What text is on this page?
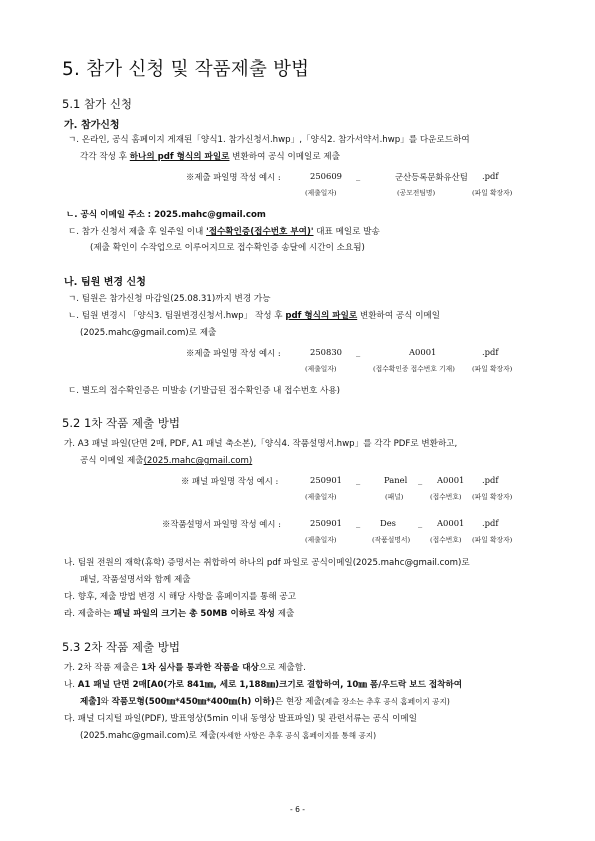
5. 참가 신청 및 작품제출 방법
5.1 참가 신청
가. 참가신청
ㄱ. 온라인, 공식 홈페이지 게재된「양식1. 참가신청서.hwp」,「양식2. 참가서약서.hwp」를 다운로드하여
각각 작성 후 하나의 pdf 형식의 파일로 변환하여 공식 이메일로 제출
※제출 파일명 작성 예시 :	250609 _	군산등록문화유산팀 .pdf
(제출일자)	(공모전팀명)	(파일 확장자)
ㄴ. 공식 이메일 주소 : 2025.mahc@gmail.com
ㄷ. 참가 신청서 제출 후 일주일 이내 '접수확인증(접수번호 부여)' 대표 메일로 발송
(제출 확인이 수작업으로 이루어지므로 접수확인증 송달에 시간이 소요됨)
나. 팀원 변경 신청
ㄱ. 팀원은 참가신청 마감일(25.08.31)까지 변경 가능
ㄴ. 팀원 변경시 「양식3. 팀원변경신청서.hwp」 작성 후 pdf 형식의 파일로 변환하여 공식 이메일
(2025.mahc@gmail.com)로 제출
※제출 파일명 작성 예시 :	250830 _	A0001	.pdf
(제출일자)	(접수확인증 접수번호 기재)	(파일 확장자)
ㄷ. 별도의 접수확인증은 미발송 (기발급된 접수확인증 내 접수번호 사용)
5.2 1차 작품 제출 방법
가. A3 패널 파일(단면 2매, PDF, A1 패널 축소본),「양식4. 작품설명서.hwp」를 각각 PDF로 변환하고,
공식 이메일 제출(2025.mahc@gmail.com)
※ 패널 파일명 작성 예시 :	250901 _	Panel _ A0001 .pdf
(제출일자)	(패널)	(접수번호) (파일 확장자)
※작품설명서 파일명 작성 예시 :	250901 _ Des	_ A0001 .pdf
(제출일자)	(작품설명서)	(접수번호) (파일 확장자)
나. 팀원 전원의 재학(휴학) 증명서는 취합하여 하나의 pdf 파일로 공식이메일(2025.mahc@gmail.com)로
패널, 작품설명서와 함께 제출
다. 향후, 제출 방법 변경 시 해당 사항을 홈페이지를 통해 공고
라. 제출하는 패널 파일의 크기는 총 50MB 이하로 작성 제출
5.3 2차 작품 제출 방법
가. 2차 작품 제출은 1차 심사를 통과한 작품을 대상으로 제출함.
나. A1 패널 단면 2매[A0(가로 841㎜, 세로 1,188㎜)크기로 결합하여, 10㎜ 폼/우드락 보드 접착하여
제출]와 작품모형(500㎜*450㎜*400㎜(h) 이하)은 현장 제출(제출 장소는 추후 공식 홈페이지 공지)
다. 패널 디지털 파일(PDF), 발표영상(5min 이내 동영상 발표파일) 및 관련서류는 공식 이메일
(2025.mahc@gmail.com)로 제출(자세한 사항은 추후 공식 홈페이지를 통해 공지)
- 6 -
